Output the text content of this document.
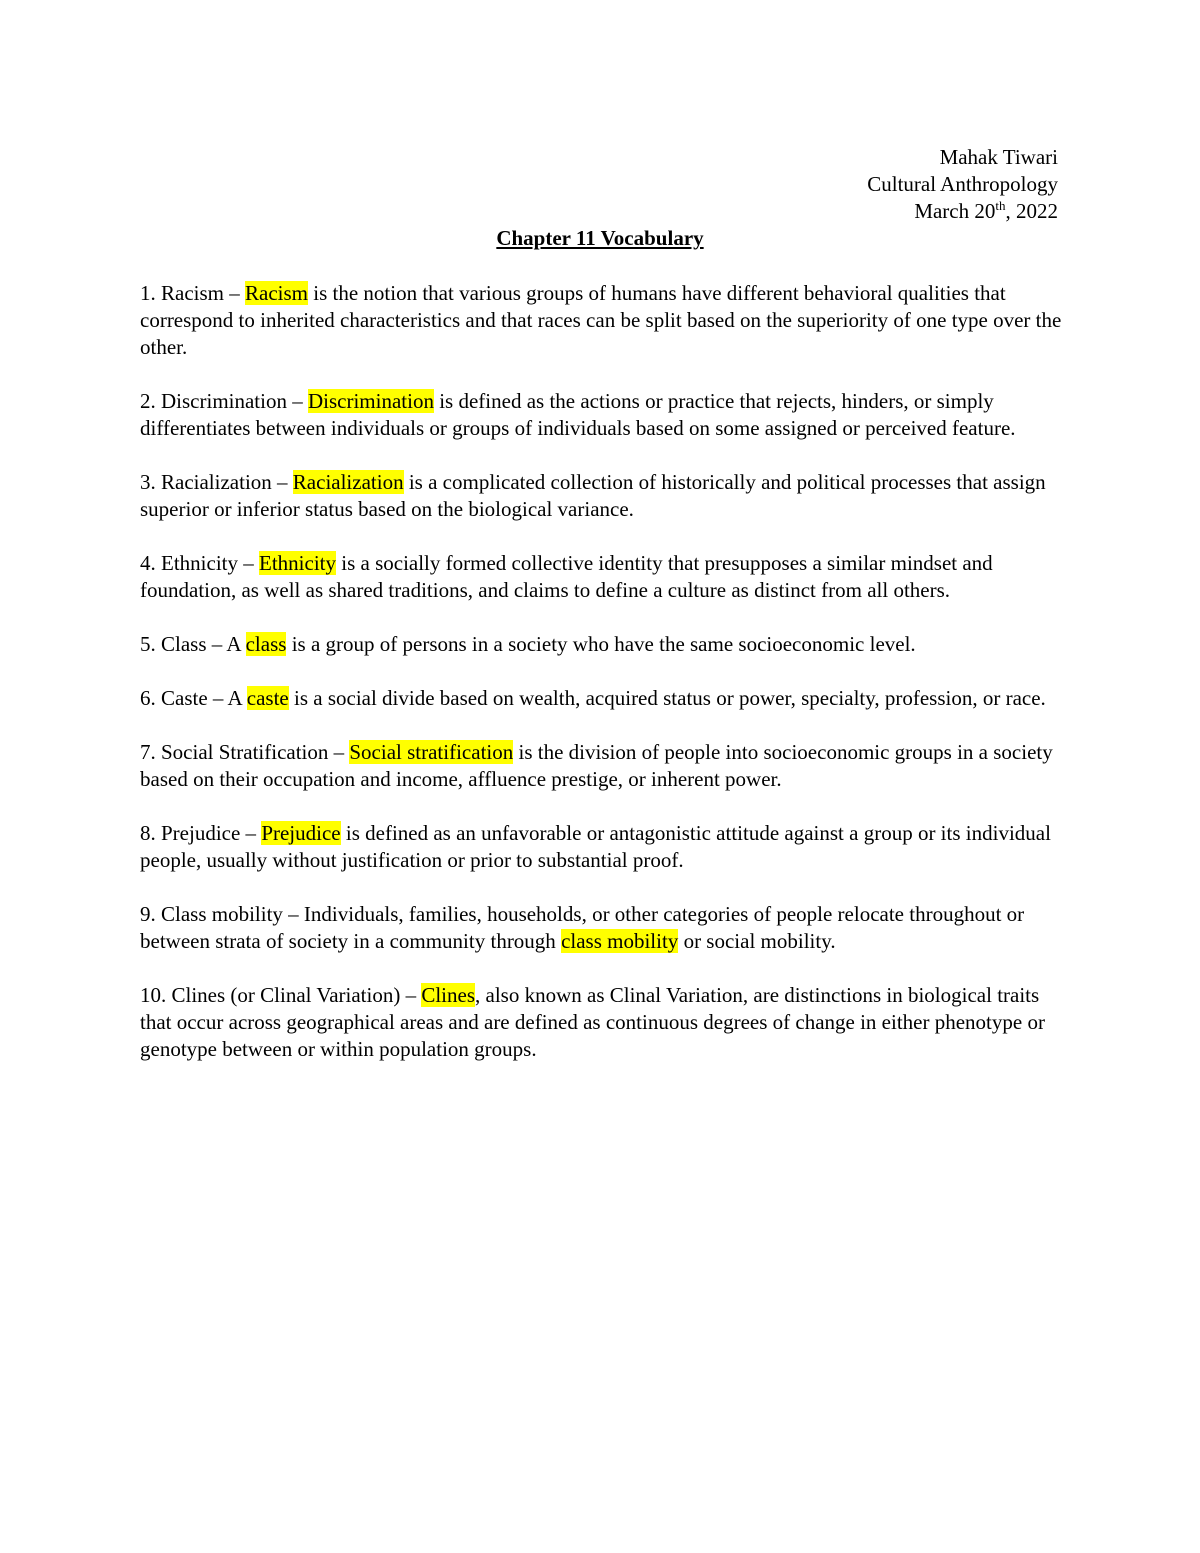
Mahak Tiwari
Cultural Anthropology
March 20th, 2022
Chapter 11 Vocabulary

1. Racism – Racism is the notion that various groups of humans have different behavioral qualities that correspond to inherited characteristics and that races can be split based on the superiority of one type over the other.

2. Discrimination – Discrimination is defined as the actions or practice that rejects, hinders, or simply differentiates between individuals or groups of individuals based on some assigned or perceived feature.

3. Racialization – Racialization is a complicated collection of historically and political processes that assign superior or inferior status based on the biological variance.

4. Ethnicity – Ethnicity is a socially formed collective identity that presupposes a similar mindset and foundation, as well as shared traditions, and claims to define a culture as distinct from all others.

5. Class – A class is a group of persons in a society who have the same socioeconomic level.

6. Caste – A caste is a social divide based on wealth, acquired status or power, specialty, profession, or race.

7. Social Stratification – Social stratification is the division of people into socioeconomic groups in a society based on their occupation and income, affluence prestige, or inherent power.

8. Prejudice – Prejudice is defined as an unfavorable or antagonistic attitude against a group or its individual people, usually without justification or prior to substantial proof.

9. Class mobility – Individuals, families, households, or other categories of people relocate throughout or between strata of society in a community through class mobility or social mobility.

10. Clines (or Clinal Variation) – Clines, also known as Clinal Variation, are distinctions in biological traits that occur across geographical areas and are defined as continuous degrees of change in either phenotype or genotype between or within population groups.
